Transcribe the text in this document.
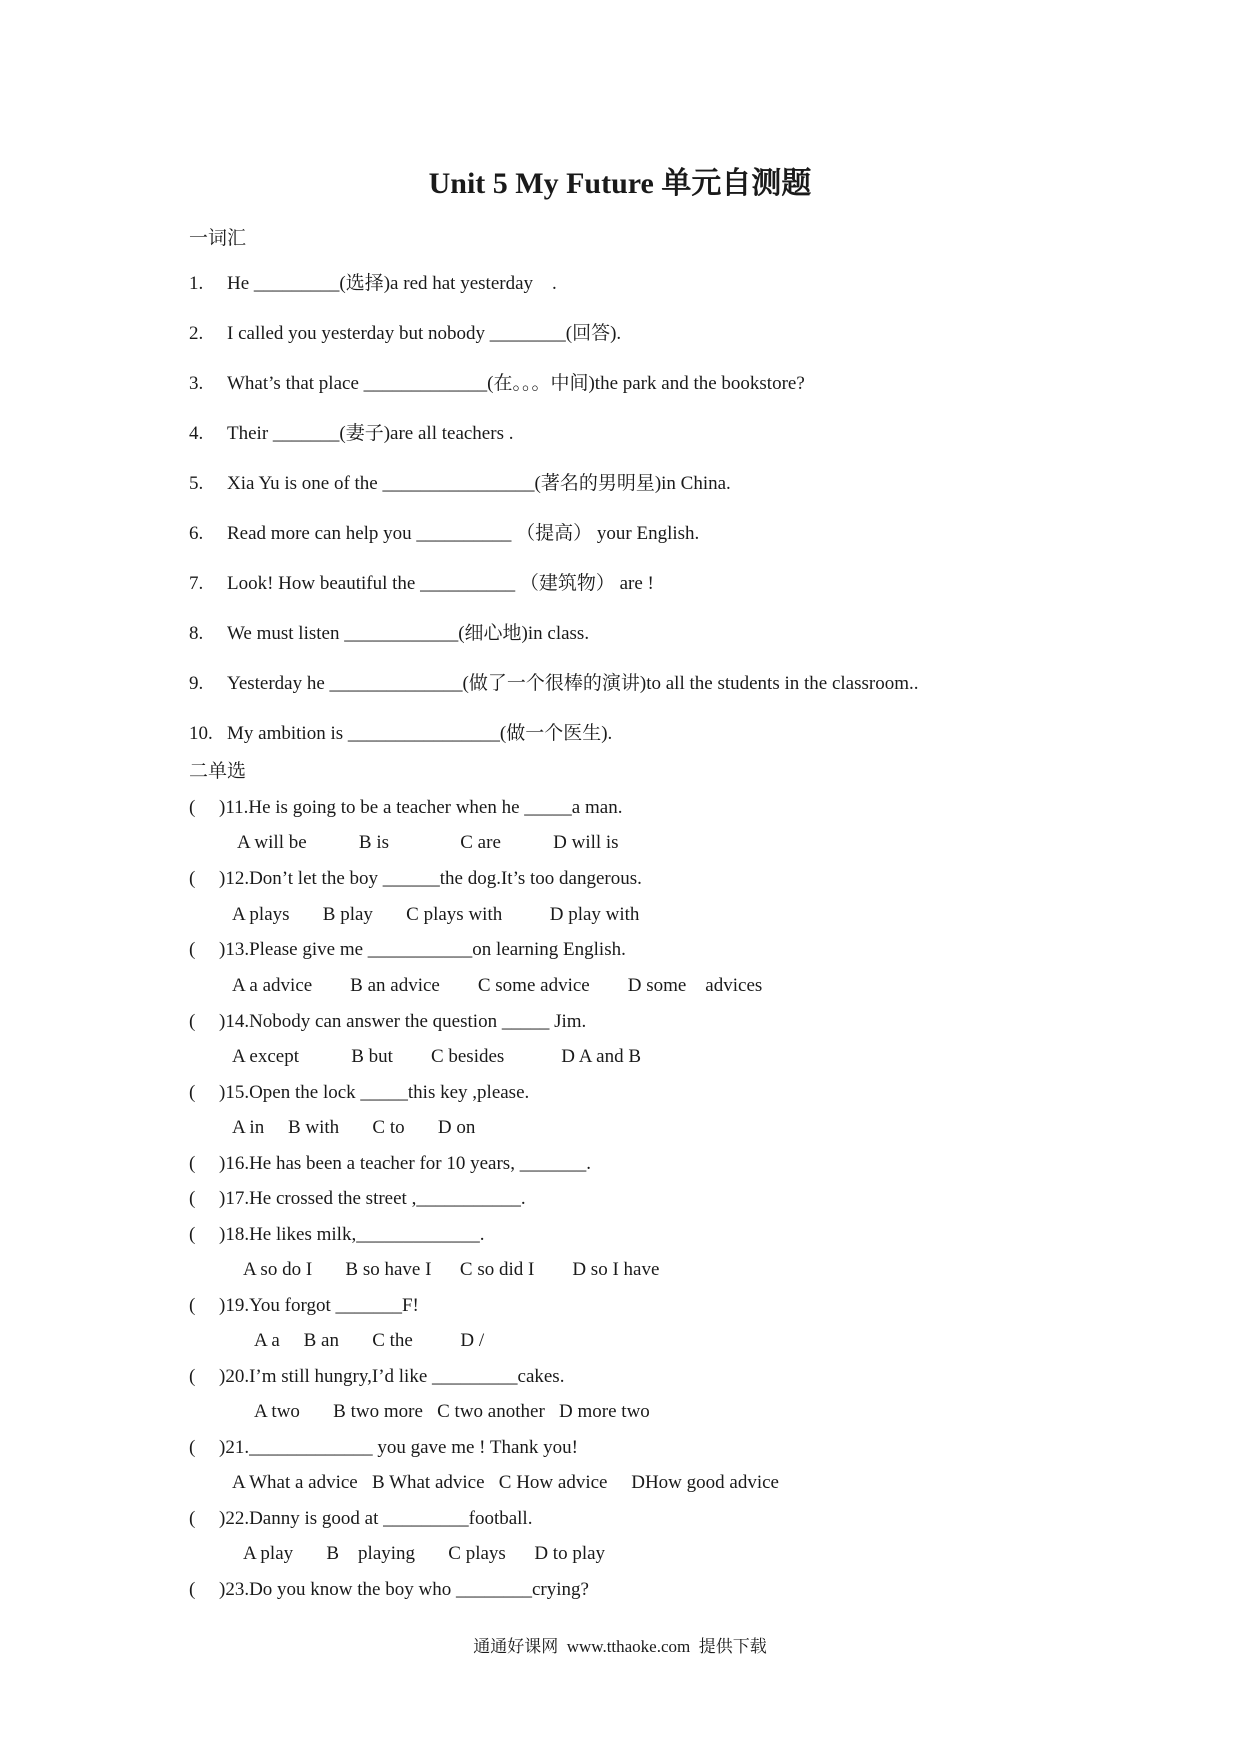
Unit 5 My Future 单元自测题
一词汇
1. He _________(选择)a red hat yesterday    .
2. I called you yesterday but nobody ________(回答).
3. What’s that place _____________(在。。。中间)the park and the bookstore?
4. Their _______(妻子)are all teachers .
5. Xia Yu is one of the ________________(著名的男明星)in China.
6. Read more can help you __________ （提高） your English.
7. Look! How beautiful the __________ （建筑物） are !
8. We must listen ____________(细心地)in class.
9. Yesterday he ______________(做了一个很棒的演讲)to all the students in the classroom..
10. My ambition is ________________(做一个医生).
二单选
( )11.He is going to be a teacher when he _____a man.
A will be           B is               C are           D will is
( )12.Don’t let the boy ______the dog.It’s too dangerous.
A plays       B play       C plays with          D play with
( )13.Please give me ___________on learning English.
A a advice        B an advice        C some advice        D some    advices
( )14.Nobody can answer the question _____ Jim.
A except           B but        C besides            D A and B
( )15.Open the lock _____this key ,please.
A in     B with       C to       D on
( )16.He has been a teacher for 10 years, _______.
( )17.He crossed the street ,___________.
( )18.He likes milk,_____________.
A so do I       B so have I      C so did I        D so I have
( )19.You forgot _______F!
A a     B an       C the          D /
( )20.I’m still hungry,I’d like _________cakes.
A two       B two more   C two another   D more two
( )21._____________ you gave me ! Thank you!
A What a advice   B What advice   C How advice     DHow good advice
( )22.Danny is good at _________football.
A play       B    playing       C plays      D to play
( )23.Do you know the boy who ________crying?
通通好课网  www.tthaoke.com  提供下载
